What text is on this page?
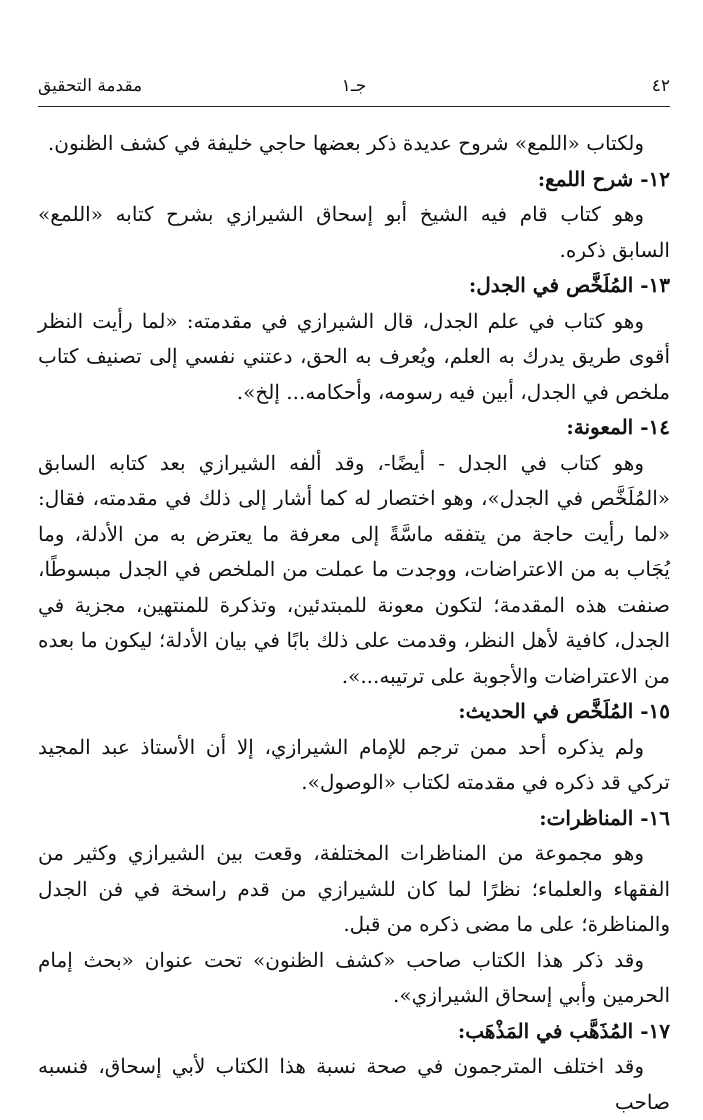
٤٢
جـ١
مقدمة التحقيق

ولكتاب «اللمع» شروح عديدة ذكر بعضها حاجي خليفة في كشف الظنون.

١٢- شرح اللمع:

وهو كتاب قام فيه الشيخ أبو إسحاق الشيرازي بشرح كتابه «اللمع» السابق ذكره.

١٣- المُلَخَّص في الجدل:

وهو كتاب في علم الجدل، قال الشيرازي في مقدمته: «لما رأيت النظر أقوى طريق يدرك به العلم، ويُعرف به الحق، دعتني نفسي إلى تصنيف كتاب ملخص في الجدل، أبين فيه رسومه، وأحكامه... إلخ».

١٤- المعونة:

وهو كتاب في الجدل - أيضًا-، وقد ألفه الشيرازي بعد كتابه السابق «المُلَخَّص في الجدل»، وهو اختصار له كما أشار إلى ذلك في مقدمته، فقال: «لما رأيت حاجة من يتفقه ماسَّةً إلى معرفة ما يعترض به من الأدلة، وما يُجَاب به من الاعتراضات، ووجدت ما عملت من الملخص في الجدل مبسوطًا، صنفت هذه المقدمة؛ لتكون معونة للمبتدئين، وتذكرة للمنتهين، مجزية في الجدل، كافية لأهل النظر، وقدمت على ذلك بابًا في بيان الأدلة؛ ليكون ما بعده من الاعتراضات والأجوبة على ترتيبه...».

١٥- المُلَخَّص في الحديث:

ولم يذكره أحد ممن ترجم للإمام الشيرازي، إلا أن الأستاذ عبد المجيد تركي قد ذكره في مقدمته لكتاب «الوصول».

١٦- المناظرات:

وهو مجموعة من المناظرات المختلفة، وقعت بين الشيرازي وكثير من الفقهاء والعلماء؛ نظرًا لما كان للشيرازي من قدم راسخة في فن الجدل والمناظرة؛ على ما مضى ذكره من قبل.

وقد ذكر هذا الكتاب صاحب «كشف الظنون» تحت عنوان «بحث إمام الحرمين وأبي إسحاق الشيرازي».

١٧- المُذَهَّب في المَذْهَب:

وقد اختلف المترجمون في صحة نسبة هذا الكتاب لأبي إسحاق، فنسبه صاحب
